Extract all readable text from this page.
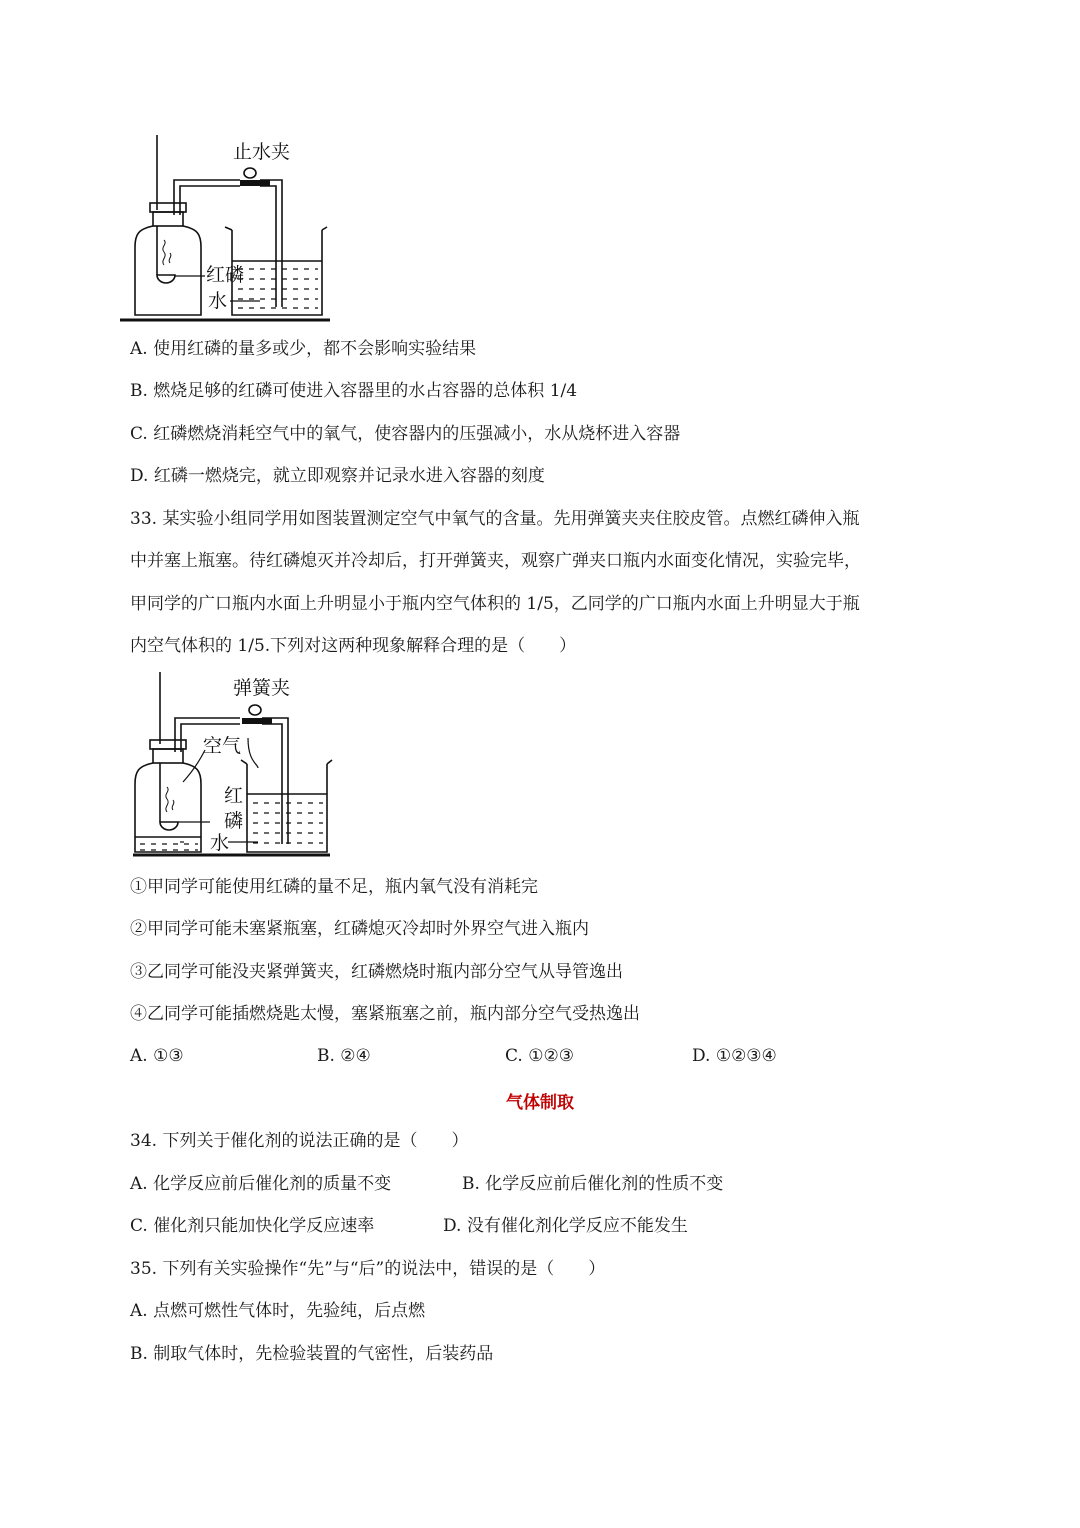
止水夹
红磷
水
A. 使用红磷的量多或少，都不会影响实验结果
B. 燃烧足够的红磷可使进入容器里的水占容器的总体积 1/4
C. 红磷燃烧消耗空气中的氧气，使容器内的压强减小，水从烧杯进入容器
D. 红磷一燃烧完，就立即观察并记录水进入容器的刻度
33. 某实验小组同学用如图装置测定空气中氧气的含量。先用弹簧夹夹住胶皮管。点燃红磷伸入瓶
中并塞上瓶塞。待红磷熄灭并冷却后，打开弹簧夹，观察广弹夹口瓶内水面变化情况，实验完毕，
甲同学的广口瓶内水面上升明显小于瓶内空气体积的 1/5，乙同学的广口瓶内水面上升明显大于瓶
内空气体积的 1/5.下列对这两种现象解释合理的是（　　）
弹簧夹
空气
红
磷
水
①甲同学可能使用红磷的量不足，瓶内氧气没有消耗完
②甲同学可能未塞紧瓶塞，红磷熄灭冷却时外界空气进入瓶内
③乙同学可能没夹紧弹簧夹，红磷燃烧时瓶内部分空气从导管逸出
④乙同学可能插燃烧匙太慢，塞紧瓶塞之前，瓶内部分空气受热逸出
A. ①③	B. ②④	C. ①②③	D. ①②③④
气体制取
34. 下列关于催化剂的说法正确的是（　　）
A. 化学反应前后催化剂的质量不变	B. 化学反应前后催化剂的性质不变
C. 催化剂只能加快化学反应速率	D. 没有催化剂化学反应不能发生
35. 下列有关实验操作“先”与“后”的说法中，错误的是（　　）
A. 点燃可燃性气体时，先验纯，后点燃
B. 制取气体时，先检验装置的气密性，后装药品
